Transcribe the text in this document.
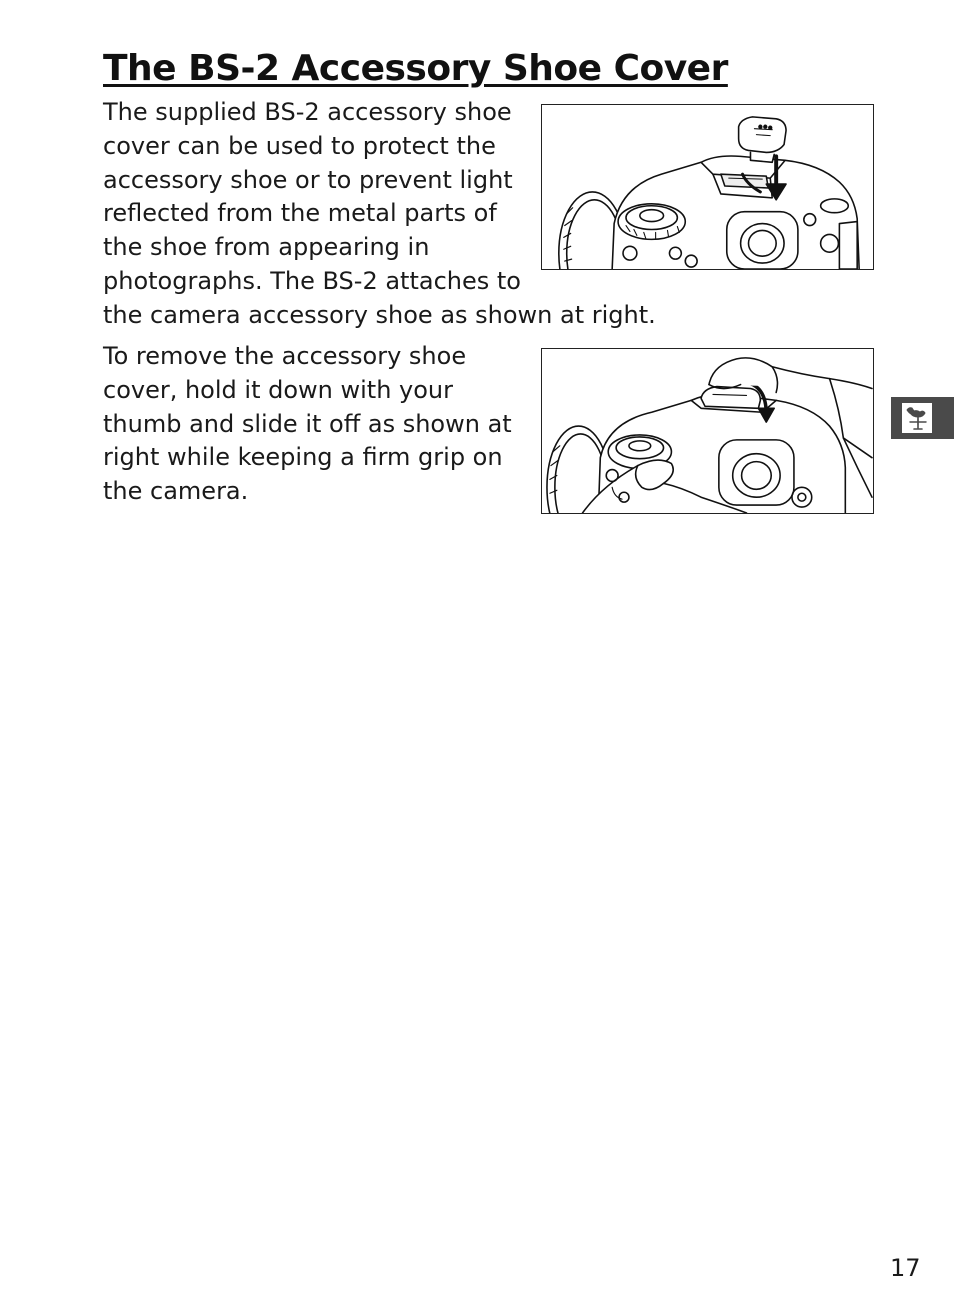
The BS-2 Accessory Shoe Cover

The supplied BS-2 accessory shoe
cover can be used to protect the
accessory shoe or to prevent light
reflected from the metal parts of
the shoe from appearing in
photographs. The BS-2 attaches to
the camera accessory shoe as shown at right.

To remove the accessory shoe
cover, hold it down with your
thumb and slide it off as shown at
right while keeping a firm grip on
the camera.

17
